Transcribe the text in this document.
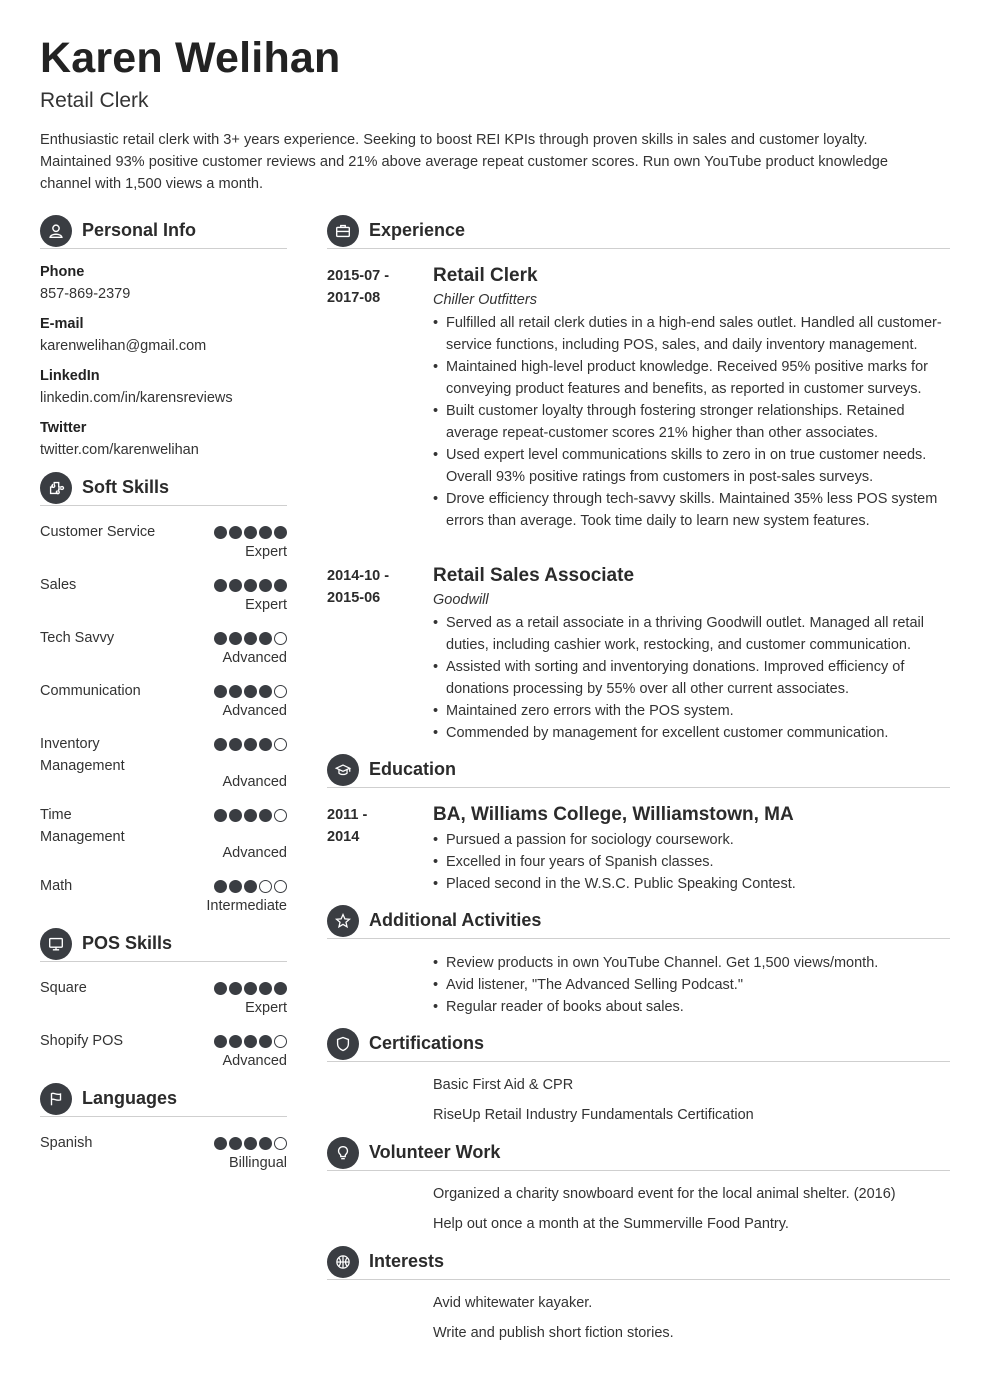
Karen Welihan
Retail Clerk
Enthusiastic retail clerk with 3+ years experience. Seeking to boost REI KPIs through proven skills in sales and customer loyalty. Maintained 93% positive customer reviews and 21% above average repeat customer scores. Run own YouTube product knowledge channel with 1,500 views a month.
Personal Info
Phone
857-869-2379
E-mail
karenwelihan@gmail.com
LinkedIn
linkedin.com/in/karensreviews
Twitter
twitter.com/karenwelihan
Soft Skills
Customer Service
Expert
Sales
Expert
Tech Savvy
Advanced
Communication
Advanced
Inventory Management
Advanced
Time Management
Advanced
Math
Intermediate
POS Skills
Square
Expert
Shopify POS
Advanced
Languages
Spanish
Billingual
Experience
2015-07 -
2017-08
Retail Clerk
Chiller Outfitters
• Fulfilled all retail clerk duties in a high-end sales outlet. Handled all customer-service functions, including POS, sales, and daily inventory management.
• Maintained high-level product knowledge. Received 95% positive marks for conveying product features and benefits, as reported in customer surveys.
• Built customer loyalty through fostering stronger relationships. Retained average repeat-customer scores 21% higher than other associates.
• Used expert level communications skills to zero in on true customer needs. Overall 93% positive ratings from customers in post-sales surveys.
• Drove efficiency through tech-savvy skills. Maintained 35% less POS system errors than average. Took time daily to learn new system features.
2014-10 -
2015-06
Retail Sales Associate
Goodwill
• Served as a retail associate in a thriving Goodwill outlet. Managed all retail duties, including cashier work, restocking, and customer communication.
• Assisted with sorting and inventorying donations. Improved efficiency of donations processing by 55% over all other current associates.
• Maintained zero errors with the POS system.
• Commended by management for excellent customer communication.
Education
2011 -
2014
BA, Williams College, Williamstown, MA
• Pursued a passion for sociology coursework.
• Excelled in four years of Spanish classes.
• Placed second in the W.S.C. Public Speaking Contest.
Additional Activities
• Review products in own YouTube Channel. Get 1,500 views/month.
• Avid listener, "The Advanced Selling Podcast."
• Regular reader of books about sales.
Certifications
Basic First Aid & CPR
RiseUp Retail Industry Fundamentals Certification
Volunteer Work
Organized a charity snowboard event for the local animal shelter. (2016)
Help out once a month at the Summerville Food Pantry.
Interests
Avid whitewater kayaker.
Write and publish short fiction stories.
